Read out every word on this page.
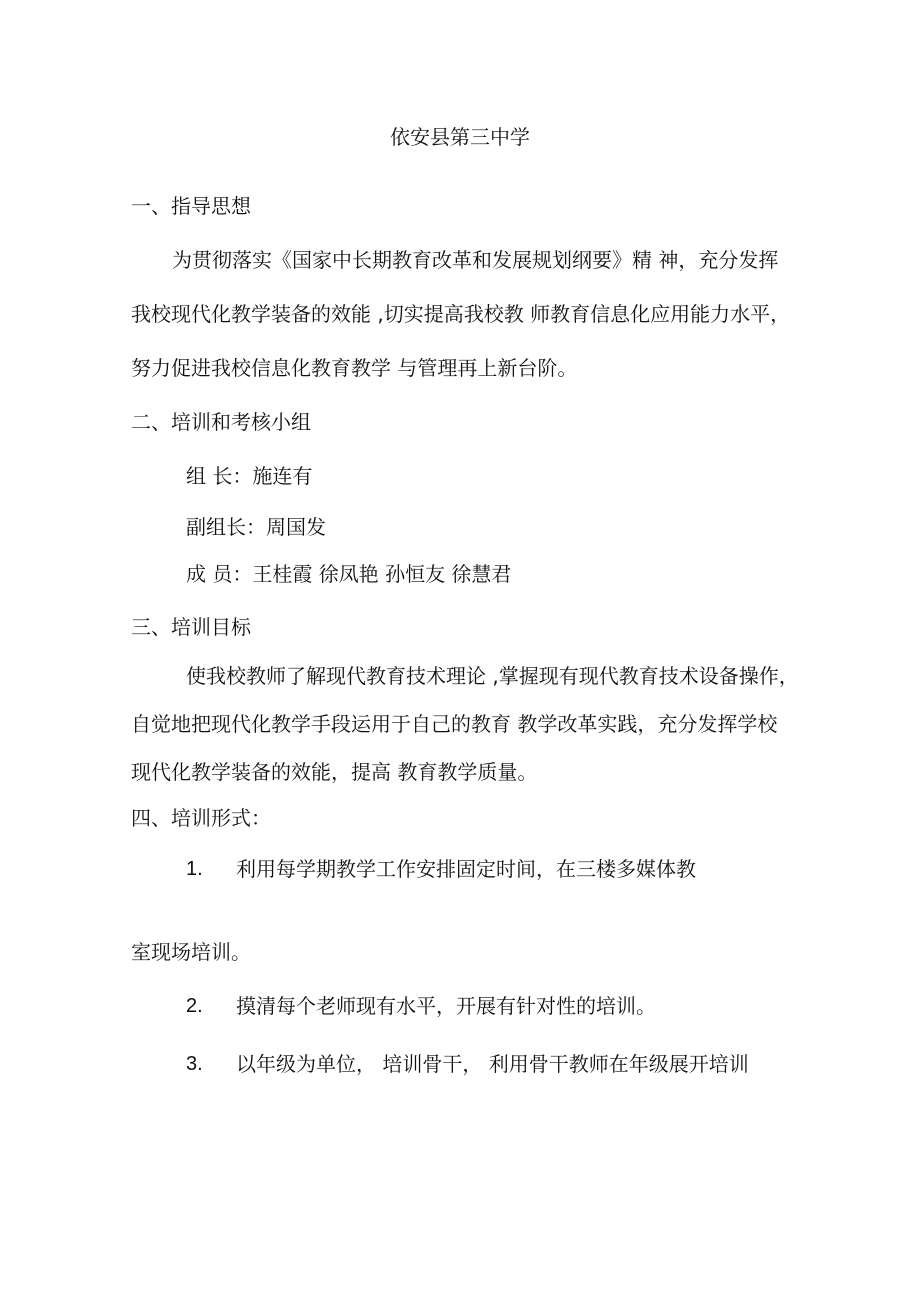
依安县第三中学
一、指导思想
为贯彻落实《国家中长期教育改革和发展规划纲要》精 神，充分发挥
我校现代化教学装备的效能 ,切实提高我校教 师教育信息化应用能力水平，
努力促进我校信息化教育教学 与管理再上新台阶。
二、培训和考核小组
组 长：施连有
副组长：周国发
成 员：王桂霞 徐凤艳 孙恒友 徐慧君
三、培训目标
使我校教师了解现代教育技术理论 ,掌握现有现代教育技术设备操作，
自觉地把现代化教学手段运用于自己的教育 教学改革实践，充分发挥学校
现代化教学装备的效能，提高 教育教学质量。
四、培训形式：
1. 利用每学期教学工作安排固定时间，在三楼多媒体教
室现场培训。
2. 摸清每个老师现有水平，开展有针对性的培训。
3. 以年级为单位， 培训骨干， 利用骨干教师在年级展开培训
